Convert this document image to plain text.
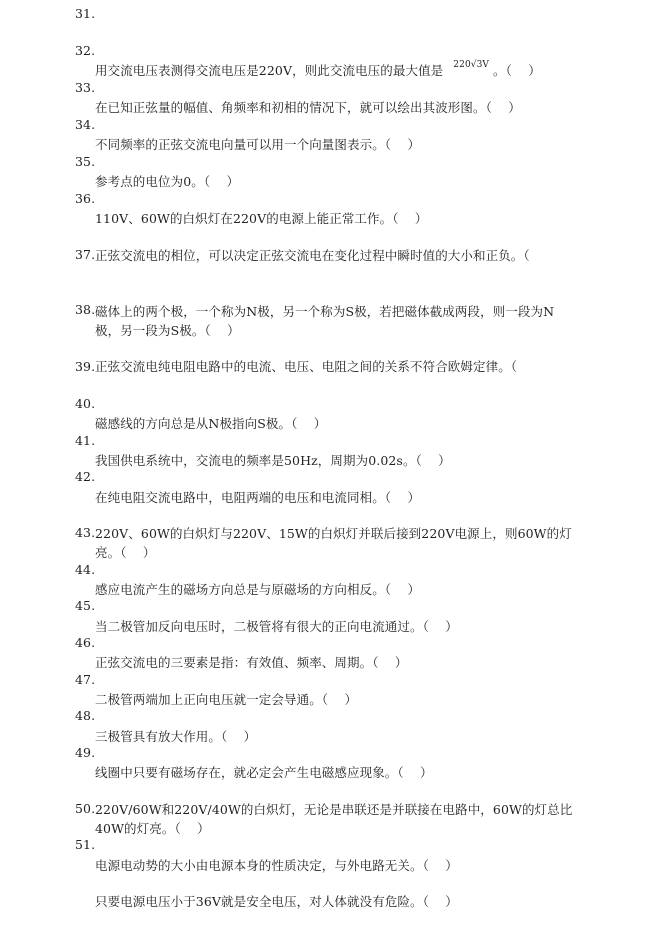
31.

用交流电压表测得交流电压是220V，则此交流电压的最大值是 $^{220√3V}$ 。（    ）

32.

在已知正弦量的幅值、角频率和初相的情况下，就可以绘出其波形图。（    ）

33.

不同频率的正弦交流电向量可以用一个向量图表示。（    ）

34.

参考点的电位为0。（    ）

35.

110V、60W的白炽灯在220V的电源上能正常工作。（    ）

36.

正弦交流电的相位，可以决定正弦交流电在变化过程中瞬时值的大小和正负。（

37.

磁体上的两个极，一个称为N极，另一个称为S极，若把磁体截成两段，则一段为N极，另一段为S极。（    ）

38.

正弦交流电纯电阻电路中的电流、电压、电阻之间的关系不符合欧姆定律。（

39.

磁感线的方向总是从N极指向S极。（    ）

40.

我国供电系统中，交流电的频率是50Hz，周期为0.02s。（    ）

41.

在纯电阻交流电路中，电阻两端的电压和电流同相。（    ）

42.

220V、60W的白炽灯与220V、15W的白炽灯并联后接到220V电源上，则60W的灯亮。（    ）

43.

感应电流产生的磁场方向总是与原磁场的方向相反。（    ）

44.

当二极管加反向电压时，二极管将有很大的正向电流通过。（    ）

45.

正弦交流电的三要素是指：有效值、频率、周期。（    ）

46.

二极管两端加上正向电压就一定会导通。（    ）

47.

三极管具有放大作用。（    ）

48.

线圈中只要有磁场存在，就必定会产生电磁感应现象。（    ）

49.

220V/60W和220V/40W的白炽灯，无论是串联还是并联接在电路中，60W的灯总比40W的灯亮。（    ）

50.

电源电动势的大小由电源本身的性质决定，与外电路无关。（    ）

51.

只要电源电压小于36V就是安全电压，对人体就没有危险。（    ）
